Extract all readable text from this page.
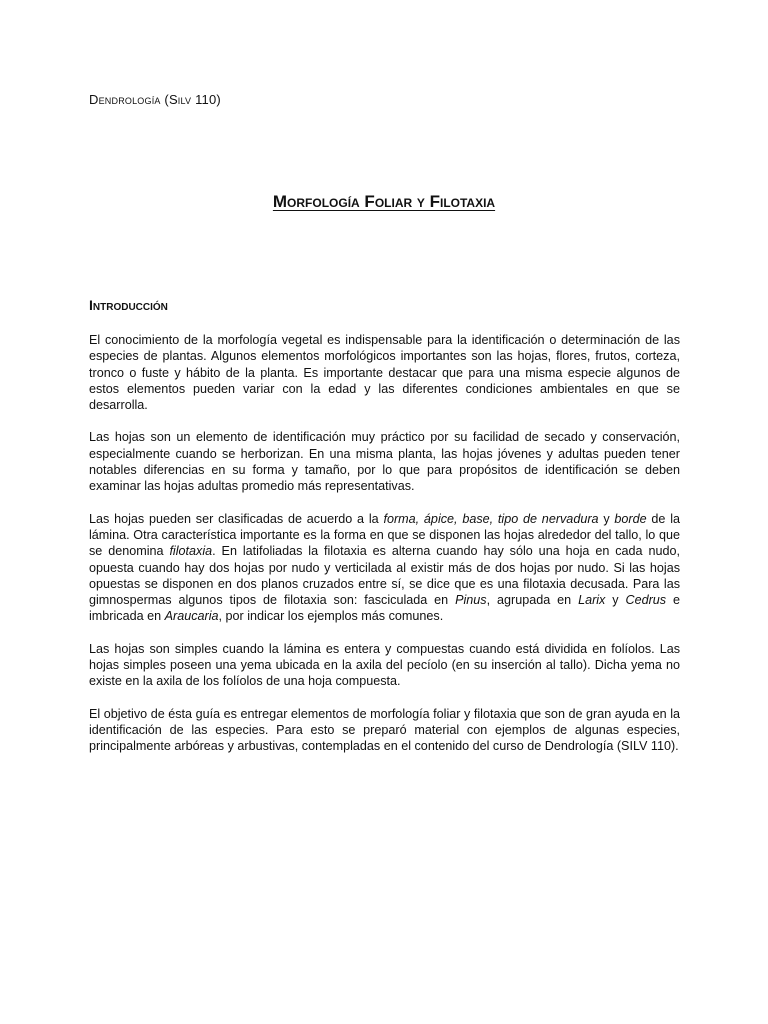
Dendrología (Silv 110)
Morfología Foliar y Filotaxia
Introducción

El conocimiento de la morfología vegetal es indispensable para la identificación o determinación de las especies de plantas. Algunos elementos morfológicos importantes son las hojas, flores, frutos, corteza, tronco o fuste y hábito de la planta. Es importante destacar que para una misma especie algunos de estos elementos pueden variar con la edad y las diferentes condiciones ambientales en que se desarrolla.

Las hojas son un elemento de identificación muy práctico por su facilidad de secado y conservación, especialmente cuando se herborizan. En una misma planta, las hojas jóvenes y adultas pueden tener notables diferencias en su forma y tamaño, por lo que para propósitos de identificación se deben examinar las hojas adultas promedio más representativas.

Las hojas pueden ser clasificadas de acuerdo a la forma, ápice, base, tipo de nervadura y borde de la lámina. Otra característica importante es la forma en que se disponen las hojas alrededor del tallo, lo que se denomina filotaxia. En latifoliadas la filotaxia es alterna cuando hay sólo una hoja en cada nudo, opuesta cuando hay dos hojas por nudo y verticilada al existir más de dos hojas por nudo. Si las hojas opuestas se disponen en dos planos cruzados entre sí, se dice que es una filotaxia decusada. Para las gimnospermas algunos tipos de filotaxia son: fasciculada en Pinus, agrupada en Larix y Cedrus e imbricada en Araucaria, por indicar los ejemplos más comunes.

Las hojas son simples cuando la lámina es entera y compuestas cuando está dividida en folíolos. Las hojas simples poseen una yema ubicada en la axila del pecíolo (en su inserción al tallo). Dicha yema no existe en la axila de los folíolos de una hoja compuesta.

El objetivo de ésta guía es entregar elementos de morfología foliar y filotaxia que son de gran ayuda en la identificación de las especies. Para esto se preparó material con ejemplos de algunas especies, principalmente arbóreas y arbustivas, contempladas en el contenido del curso de Dendrología (SILV 110).
